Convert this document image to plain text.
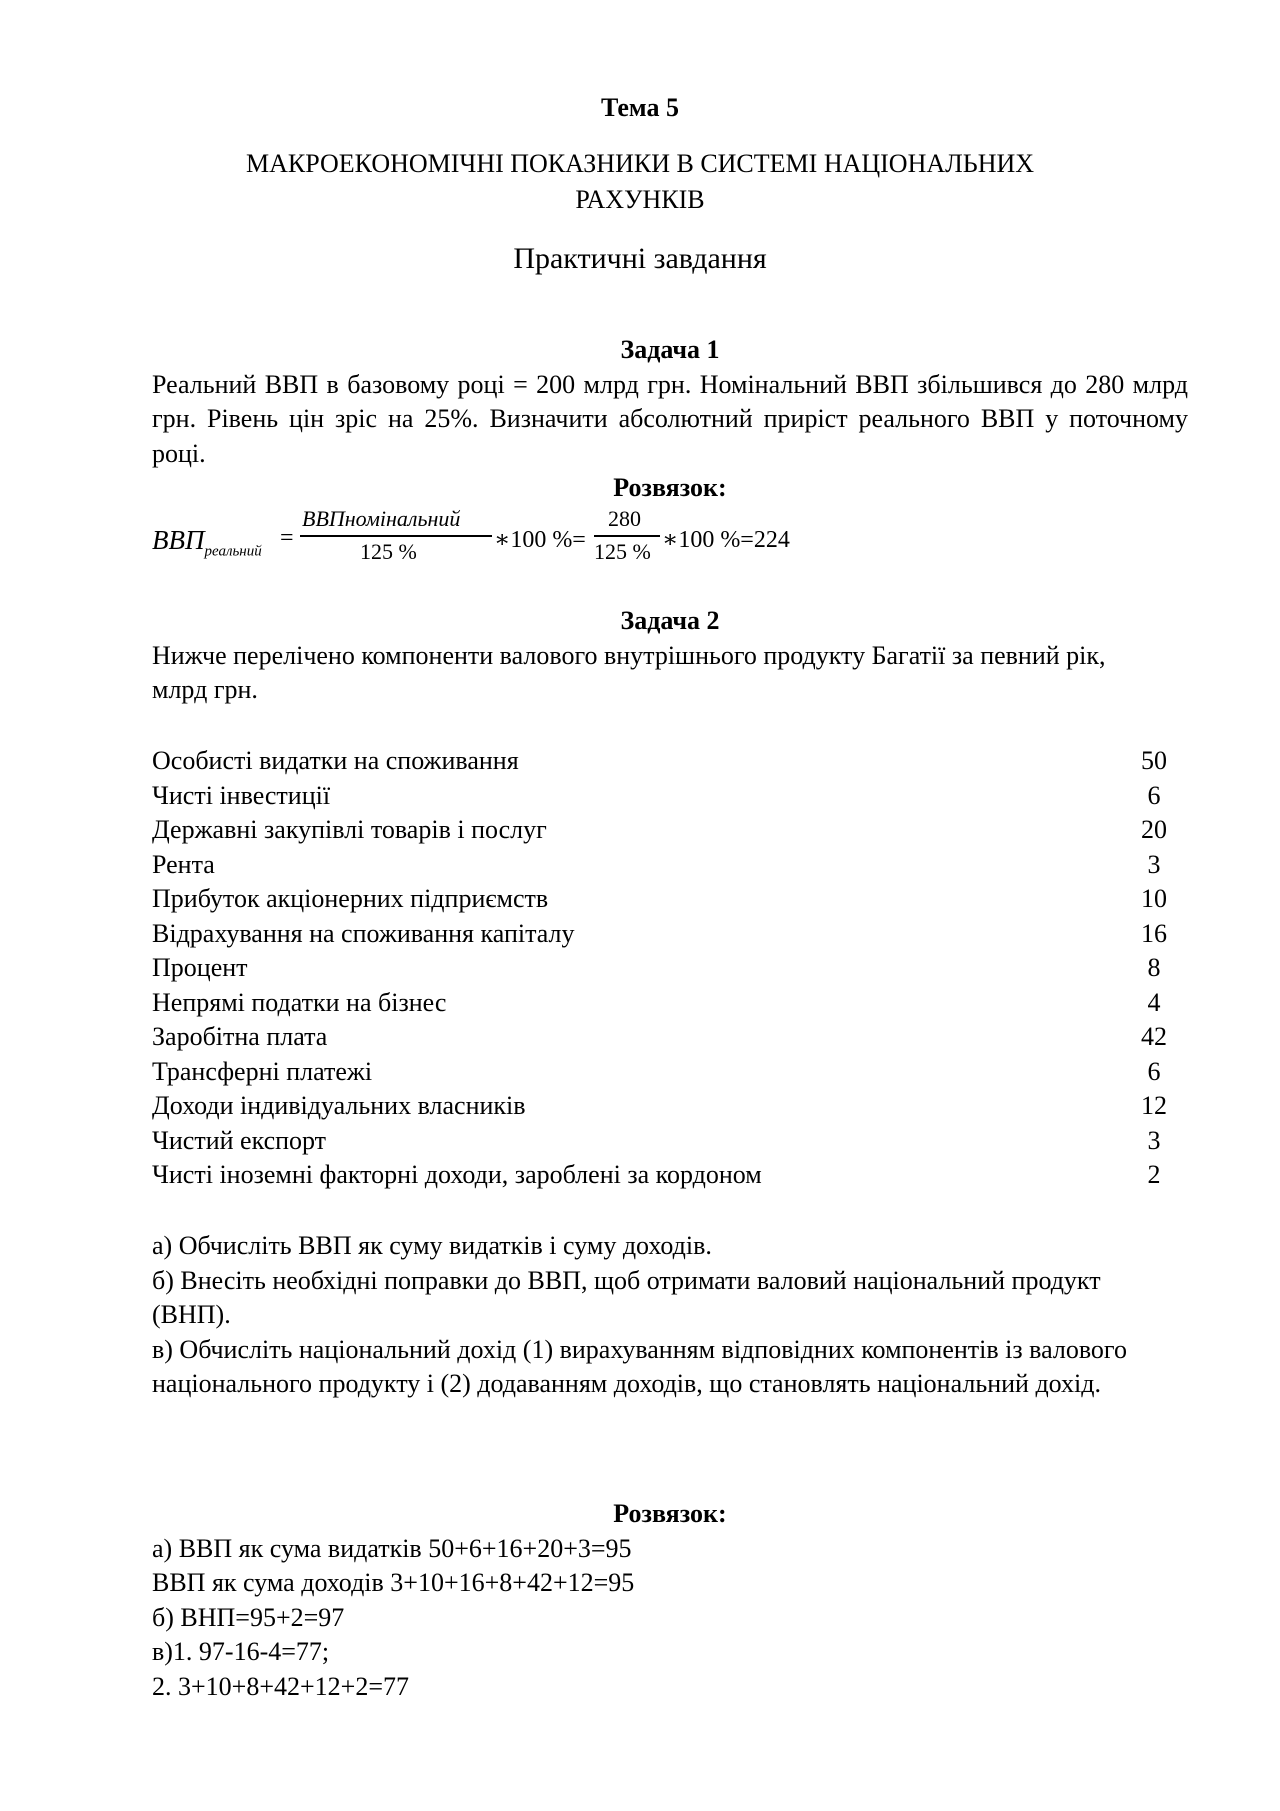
Тема 5
МАКРОЕКОНОМІЧНІ ПОКАЗНИКИ В СИСТЕМІ НАЦІОНАЛЬНИХ РАХУНКІВ
Практичні завдання
Задача 1
Реальний ВВП в базовому році = 200 млрд грн. Номінальний ВВП збільшився до 280 млрд грн. Рівень цін зріс на 25%. Визначити абсолютний приріст реального ВВП у поточному році.
Розвязок:
$ВВП_{реальний}$
=
ВВПномінальний
125 %	∗100 %=
280
125 % ∗100 %=224
Задача 2
Нижче перелічено компоненти валового внутрішнього продукту Багатії за певний рік, млрд грн.
Особисті видатки на споживання	50
Чисті інвестиції	6
Державні закупівлі товарів і послуг	20
Рента	3
Прибуток акціонерних підприємств	10
Відрахування на споживання капіталу	16
Процент	8
Непрямі податки на бізнес	4
Заробітна плата	42
Трансферні платежі	6
Доходи індивідуальних власників	12
Чистий експорт	3
Чисті іноземні факторні доходи, зароблені за кордоном	2
а) Обчисліть ВВП як суму видатків і суму доходів.
б) Внесіть необхідні поправки до ВВП, щоб отримати валовий національний продукт (ВНП).
в) Обчисліть національний дохід (1) вирахуванням відповідних компонентів із валового
національного продукту і (2) додаванням доходів, що становлять національний дохід.
Розвязок:
а) ВВП як сума видатків 50+6+16+20+3=95
ВВП як сума доходів 3+10+16+8+42+12=95
б) ВНП=95+2=97
в)1. 97-16-4=77;
2. 3+10+8+42+12+2=77
